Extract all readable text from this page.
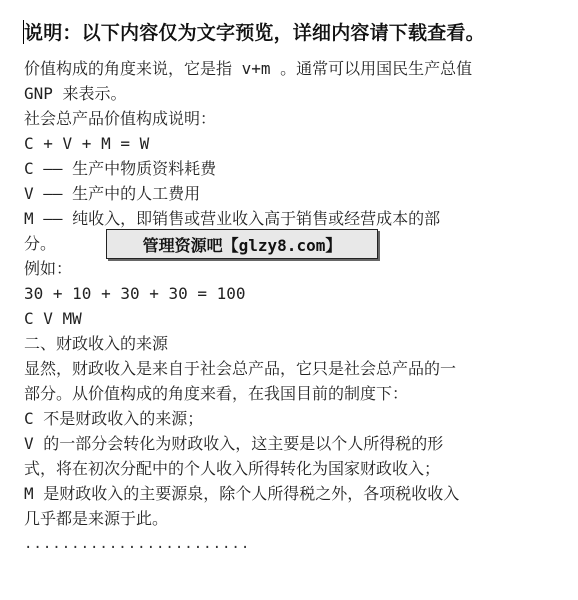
说明：以下内容仅为文字预览，详细内容请下载查看。
价值构成的角度来说，它是指 v+m 。通常可以用国民生产总值
GNP 来表示。
社会总产品价值构成说明：
C + V + M = W
C —— 生产中物质资料耗费
V —— 生产中的人工费用
M —— 纯收入，即销售或营业收入高于销售或经营成本的部
分。
例如：
30 + 10 + 30 + 30 = 100
C V MW
二、财政收入的来源
显然，财政收入是来自于社会总产品，它只是社会总产品的一
部分。从价值构成的角度来看，在我国目前的制度下：
C 不是财政收入的来源；
V 的一部分会转化为财政收入，这主要是以个人所得税的形
式，将在初次分配中的个人收入所得转化为国家财政收入；
M 是财政收入的主要源泉，除个人所得税之外，各项税收收入
几乎都是来源于此。
管理资源吧【glzy8.com】
........................
